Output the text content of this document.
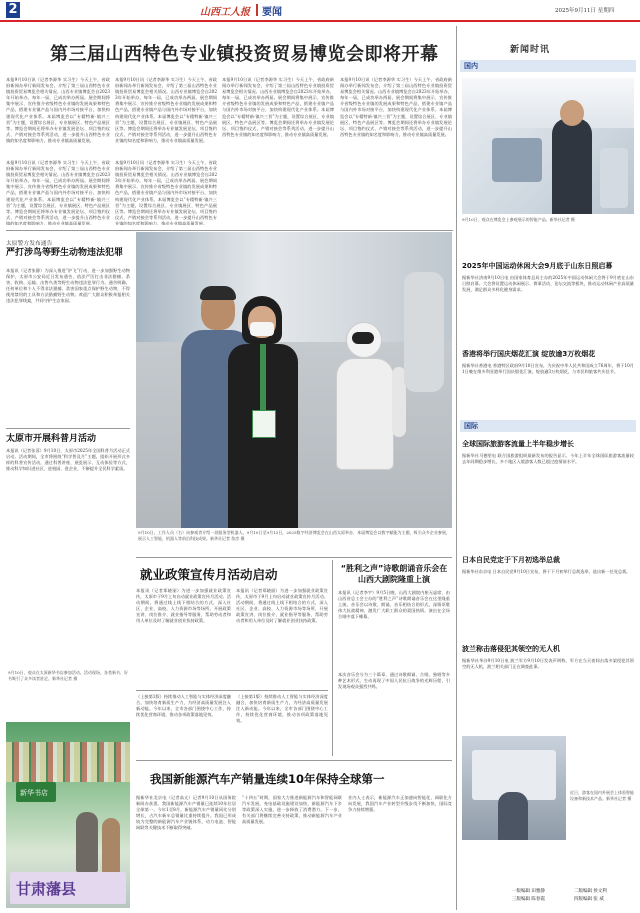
2	山西工人报 要闻	2025年9月11日 星期四
第三届山西特色专业镇投资贸易博览会即将开幕
本报9月10日讯（记者李源华 实习生）今天上午，省政府新闻办举行新闻发布会，介绍了第三届山西特色专业镇投资贸易博览会相关情况。山西专业镇博览会自2023年开始举办，每年一届，已成功举办两届。展会期间将集中展示、宣传推介省级特色专业镇的发展成果和特色产品，搭建专业镇产品与国内外市场对接平台，加快构建现代化产业体系。本届博览会以“专精特新·镇兴三晋”为主题，设置综合展区、专业镇展区、特色产品展区等。博览会期间还将举办专业镇发展论坛、项目签约仪式、产销对接会等系列活动，进一步提升山西特色专业镇的知名度和影响力，推动专业镇高质量发展。
本报9月10日讯（记者李源华 实习生）今天上午，省政府新闻办举行新闻发布会，介绍了第三届山西特色专业镇投资贸易博览会相关情况。山西专业镇博览会自2023年开始举办，每年一届，已成功举办两届。展会期间将集中展示、宣传推介省级特色专业镇的发展成果和特色产品，搭建专业镇产品与国内外市场对接平台，加快构建现代化产业体系。本届博览会以“专精特新·镇兴三晋”为主题，设置综合展区、专业镇展区、特色产品展区等。博览会期间还将举办专业镇发展论坛、项目签约仪式、产销对接会等系列活动，进一步提升山西特色专业镇的知名度和影响力，推动专业镇高质量发展。
本报9月10日讯（记者李源华 实习生）今天上午，省政府新闻办举行新闻发布会，介绍了第三届山西特色专业镇投资贸易博览会相关情况。山西专业镇博览会自2023年开始举办，每年一届，已成功举办两届。展会期间将集中展示、宣传推介省级特色专业镇的发展成果和特色产品，搭建专业镇产品与国内外市场对接平台，加快构建现代化产业体系。本届博览会以“专精特新·镇兴三晋”为主题，设置综合展区、专业镇展区、特色产品展区等。博览会期间还将举办专业镇发展论坛、项目签约仪式、产销对接会等系列活动，进一步提升山西特色专业镇的知名度和影响力，推动专业镇高质量发展。
本报9月10日讯（记者李源华 实习生）今天上午，省政府新闻办举行新闻发布会，介绍了第三届山西特色专业镇投资贸易博览会相关情况。山西专业镇博览会自2023年开始举办，每年一届，已成功举办两届。展会期间将集中展示、宣传推介省级特色专业镇的发展成果和特色产品，搭建专业镇产品与国内外市场对接平台，加快构建现代化产业体系。本届博览会以“专精特新·镇兴三晋”为主题，设置综合展区、专业镇展区、特色产品展区等。博览会期间还将举办专业镇发展论坛、项目签约仪式、产销对接会等系列活动，进一步提升山西特色专业镇的知名度和影响力，推动专业镇高质量发展。
本报9月10日讯（记者李源华 实习生）今天上午，省政府新闻办举行新闻发布会，介绍了第三届山西特色专业镇投资贸易博览会相关情况。山西专业镇博览会自2023年开始举办，每年一届，已成功举办两届。展会期间将集中展示、宣传推介省级特色专业镇的发展成果和特色产品，搭建专业镇产品与国内外市场对接平台，加快构建现代化产业体系。本届博览会以“专精特新·镇兴三晋”为主题，设置综合展区、专业镇展区、特色产品展区等。博览会期间还将举办专业镇发展论坛、项目签约仪式、产销对接会等系列活动，进一步提升山西特色专业镇的知名度和影响力，推动专业镇高质量发展。
本报9月10日讯（记者李源华 实习生）今天上午，省政府新闻办举行新闻发布会，介绍了第三届山西特色专业镇投资贸易博览会相关情况。山西专业镇博览会自2023年开始举办，每年一届，已成功举办两届。展会期间将集中展示、宣传推介省级特色专业镇的发展成果和特色产品，搭建专业镇产品与国内外市场对接平台，加快构建现代化产业体系。本届博览会以“专精特新·镇兴三晋”为主题，设置综合展区、专业镇展区、特色产品展区等。博览会期间还将举办专业镇发展论坛、项目签约仪式、产销对接会等系列活动，进一步提升山西特色专业镇的知名度和影响力，推动专业镇高质量发展。
太原警方发布通告
严打涉鸟等野生动物违法犯罪
本报讯（记者张静）为深入推进“护飞”行动，进一步加强野生动物保护，太原市公安局近日发布通告，依法严厉打击非法猎捕、杀害、收购、运输、出售鸟类等野生动物违法犯罪行为。通告明确，任何单位和个人不得非法猎捕、杀害国家重点保护野生动物，不得使用禁用的工具和方法猎捕野生动物。欢迎广大群众积极举报相关违法犯罪线索，共同守护生态家园。
太原市开展科普月活动
本报讯（记者张蓉）9月10日，太原市2025年全国科普月活动正式启动。活动期间，全市将围绕“科学普及月”主题，组织开展形式多样的科普宣传活动，通过科普讲座、展览展示、互动体验等方式，推动科学知识进社区、进校园、进企业，不断提升全民科学素质。
9月10日，观众在太原新华书店参加活动。活动现场，各类新书、好书吸引了众多读者驻足。新华社记者 摄
新华书店
甘肃藩县
9月10日，工作人员（右）向参观者介绍一款服务型机器人。9月10日至9月13日，2025数字经济博览会在山西太原举办，本届博览会以数字赋能为主题，吸引众多企业参展，展示人工智能、机器人等前沿科技成果。新华社记者 詹彦 摄
就业政策宣传月活动启动
本报讯（记者郑晓丽）为进一步加强就业政策宣传，太原市于9月上旬启动就业政策宣传月活动。活动期间，将通过线上线下相结合的方式，深入社区、企业、高校、人力资源市场等场所，开展政策宣讲、岗位推介、就业指导等服务，帮助劳动者和用人单位及时了解就业创业扶持政策。
本报讯（记者郑晓丽）为进一步加强就业政策宣传，太原市于9月上旬启动就业政策宣传月活动。活动期间，将通过线上线下相结合的方式，深入社区、企业、高校、人力资源市场等场所，开展政策宣讲、岗位推介、就业指导等服务，帮助劳动者和用人单位及时了解就业创业扶持政策。
（上接第1版）持续推动人工智能与实体经济深度融合，加快培育新质生产力，为经济高质量发展注入新动能。今年以来，全市各部门围绕中心工作，持续优化营商环境，推动各项政策落地见效。
（上接第1版）持续推动人工智能与实体经济深度融合，加快培育新质生产力，为经济高质量发展注入新动能。今年以来，全市各部门围绕中心工作，持续优化营商环境，推动各项政策落地见效。
“胜利之声”诗歌朗诵音乐会在山西大剧院隆重上演
本报讯（记者李宇）9月5日晚，山西大剧院内座无虚席，由山西省总工会主办的“胜利之声”诗歌朗诵音乐会在这里隆重上演。音乐会以诗歌、朗诵、音乐相结合的形式，深情讴歌伟大抗战精神，激发广大职工群众的爱国热情。演出在全场合唱中落下帷幕。
本次音乐会分为三个篇章，通过诗歌朗诵、合唱、独唱等多种艺术形式，生动再现了中国人民抗日战争的光辉历程，引发现场观众强烈共鸣。
我国新能源汽车产销量连续10年保持全球第一
据新华社北京电（记者高亢）记者9月10日从国务院新闻办获悉，我国新能源汽车产销量已连续10年位居全球第一。今年1至8月，新能源汽车产销量同比分别增长，占汽车新车总销量比重持续提升。我国已形成较为完整的新能源汽车产业链体系，动力电池、智能网联等关键技术不断取得突破。
“十四五”时期，国家大力推进新能源汽车和智能网联汽车发展，充电基础设施建设加快，新能源汽车下乡等政策深入实施，进一步释放了消费潜力。下一步，有关部门将继续完善支持政策，推动新能源汽车产业高质量发展。
业内人士表示，新能源汽车正加速向智能化、网联化方向发展，我国汽车产业转型升级步伐不断加快，国际竞争力持续增强。
新闻时讯
国内
9月10日，观众在博览会上参观展示的智能产品。新华社记者 摄
2025年中国运动休闲大会9月底于山东日照启幕
据新华社济南9月10日电 由国家体育总局主办的2025年中国运动休闲大会将于9月底在山东日照启幕。大会将设置运动休闲展示、赛事活动、论坛交流等板块，推动运动休闲产业高质量发展，满足群众多样化健身需求。
香港将举行国庆烟花汇演 绽放逾3万枚烟花
据新华社香港电 香港特区政府9月10日宣布，为庆祝中华人民共和国成立76周年，将于10月1日晚在维多利亚港举行国庆烟花汇演，绽放逾3万枚烟花，与市民和旅客共庆佳节。
国际
全球国际旅游客流量上半年稳步增长
据新华社马德里电 联合国旅游组织最新发布的报告显示，今年上半年全球国际旅游客流量较去年同期稳步增长，多个地区入境游客人数已超过疫情前水平。
日本自民党定于下月初选举总裁
据新华社东京电 日本自民党9月10日宣布，将于下月初举行总裁选举，选出新一任党总裁。
波兰称击落侵犯其领空的无人机
据新华社华沙9月10日电 波兰军方9月10日发表声明称，军方在当天夜间击落多架侵犯其领空的无人机，波兰相关部门正在调查此事。
近日，游客在国内外展会上体验智能设备和新技术产品。新华社记者 摄
一版编辑 田雅静	二版编辑 侯文利
三版编辑 陈春霞	四版编辑 张 威
